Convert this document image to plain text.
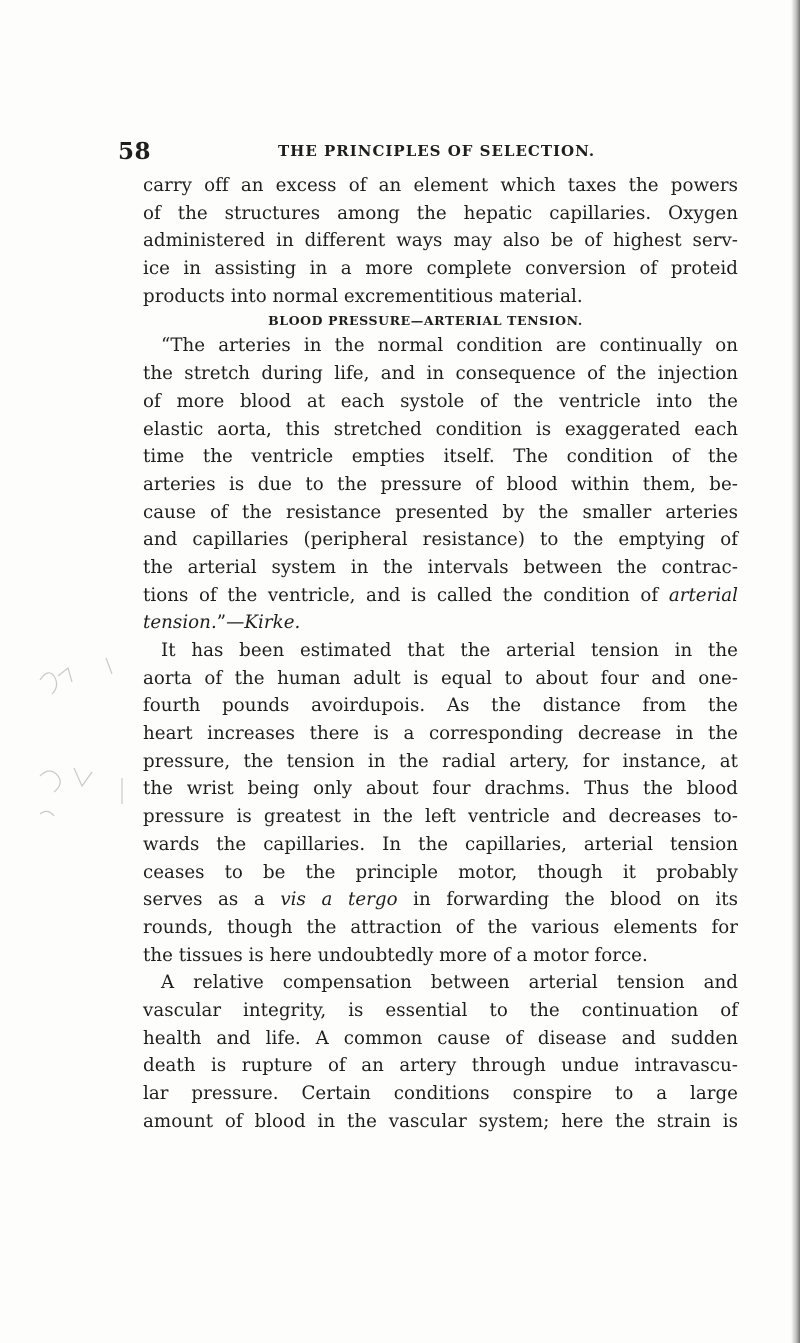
58	THE PRINCIPLES OF SELECTION.
carry off an excess of an element which taxes the powers
of the structures among the hepatic capillaries. Oxygen
administered in different ways may also be of highest serv-
ice in assisting in a more complete conversion of proteid
products into normal excrementitious material.
BLOOD PRESSURE—ARTERIAL TENSION.
“The arteries in the normal condition are continually on
the stretch during life, and in consequence of the injection
of more blood at each systole of the ventricle into the
elastic aorta, this stretched condition is exaggerated each
time the ventricle empties itself. The condition of the
arteries is due to the pressure of blood within them, be-
cause of the resistance presented by the smaller arteries
and capillaries (peripheral resistance) to the emptying of
the arterial system in the intervals between the contrac-
tions of the ventricle, and is called the condition of arterial
tension.”—Kirke.
It has been estimated that the arterial tension in the
aorta of the human adult is equal to about four and one-
fourth pounds avoirdupois. As the distance from the
heart increases there is a corresponding decrease in the
pressure, the tension in the radial artery, for instance, at
the wrist being only about four drachms. Thus the blood
pressure is greatest in the left ventricle and decreases to-
wards the capillaries. In the capillaries, arterial tension
ceases to be the principle motor, though it probably
serves as a vis a tergo in forwarding the blood on its
rounds, though the attraction of the various elements for
the tissues is here undoubtedly more of a motor force.
A relative compensation between arterial tension and
vascular integrity, is essential to the continuation of
health and life. A common cause of disease and sudden
death is rupture of an artery through undue intravascu-
lar pressure. Certain conditions conspire to a large
amount of blood in the vascular system; here the strain is
